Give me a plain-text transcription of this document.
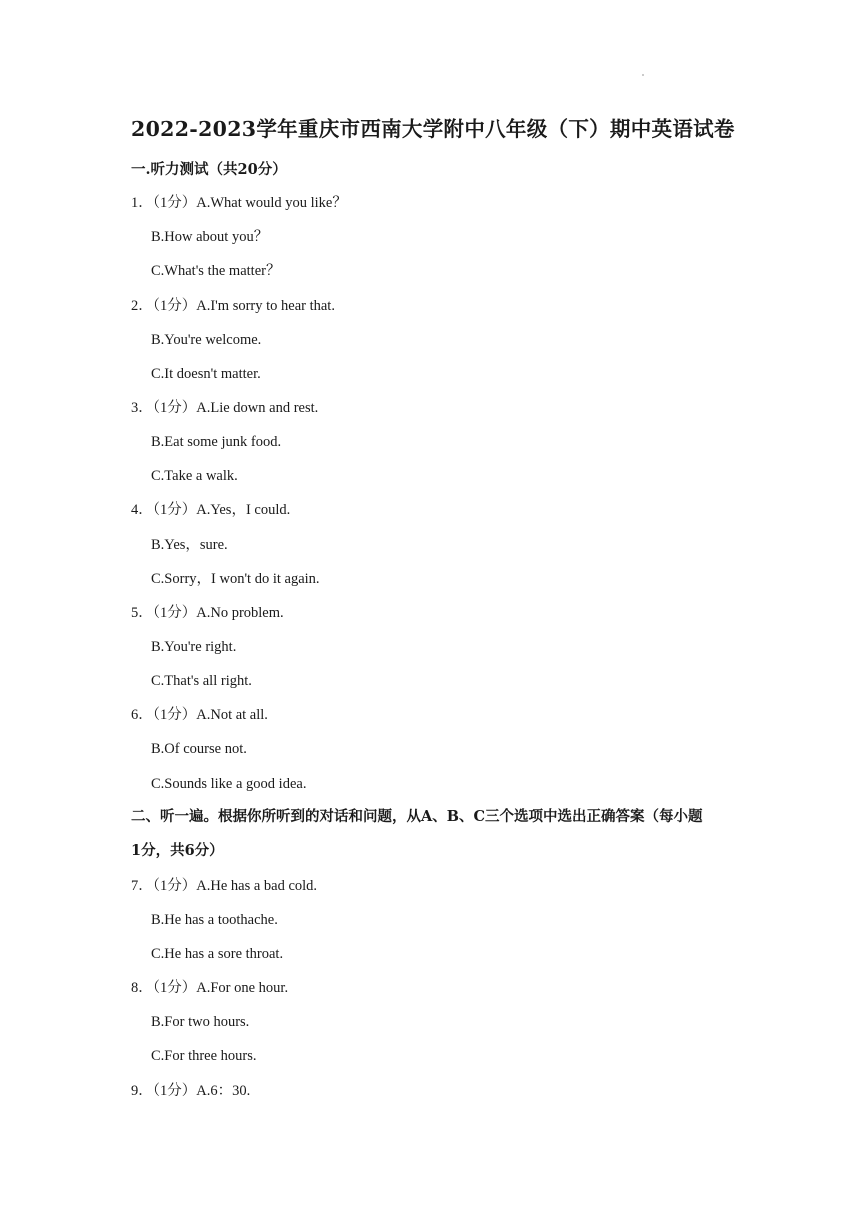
2022-2023学年重庆市西南大学附中八年级（下）期中英语试卷
一.听力测试（共20分）
1．（1分）A.What would you like？
B.How about you？
C.What's the matter？
2．（1分）A.I'm sorry to hear that.
B.You're welcome.
C.It doesn't matter.
3．（1分）A.Lie down and rest.
B.Eat some junk food.
C.Take a walk.
4．（1分）A.Yes，I could.
B.Yes，sure.
C.Sorry，I won't do it again.
5．（1分）A.No problem.
B.You're right.
C.That's all right.
6．（1分）A.Not at all.
B.Of course not.
C.Sounds like a good idea.
二、听一遍。根据你所听到的对话和问题，从A、B、C三个选项中选出正确答案（每小题
1分，共6分）
7．（1分）A.He has a bad cold.
B.He has a toothache.
C.He has a sore throat.
8．（1分）A.For one hour.
B.For two hours.
C.For three hours.
9．（1分）A.6：30.
